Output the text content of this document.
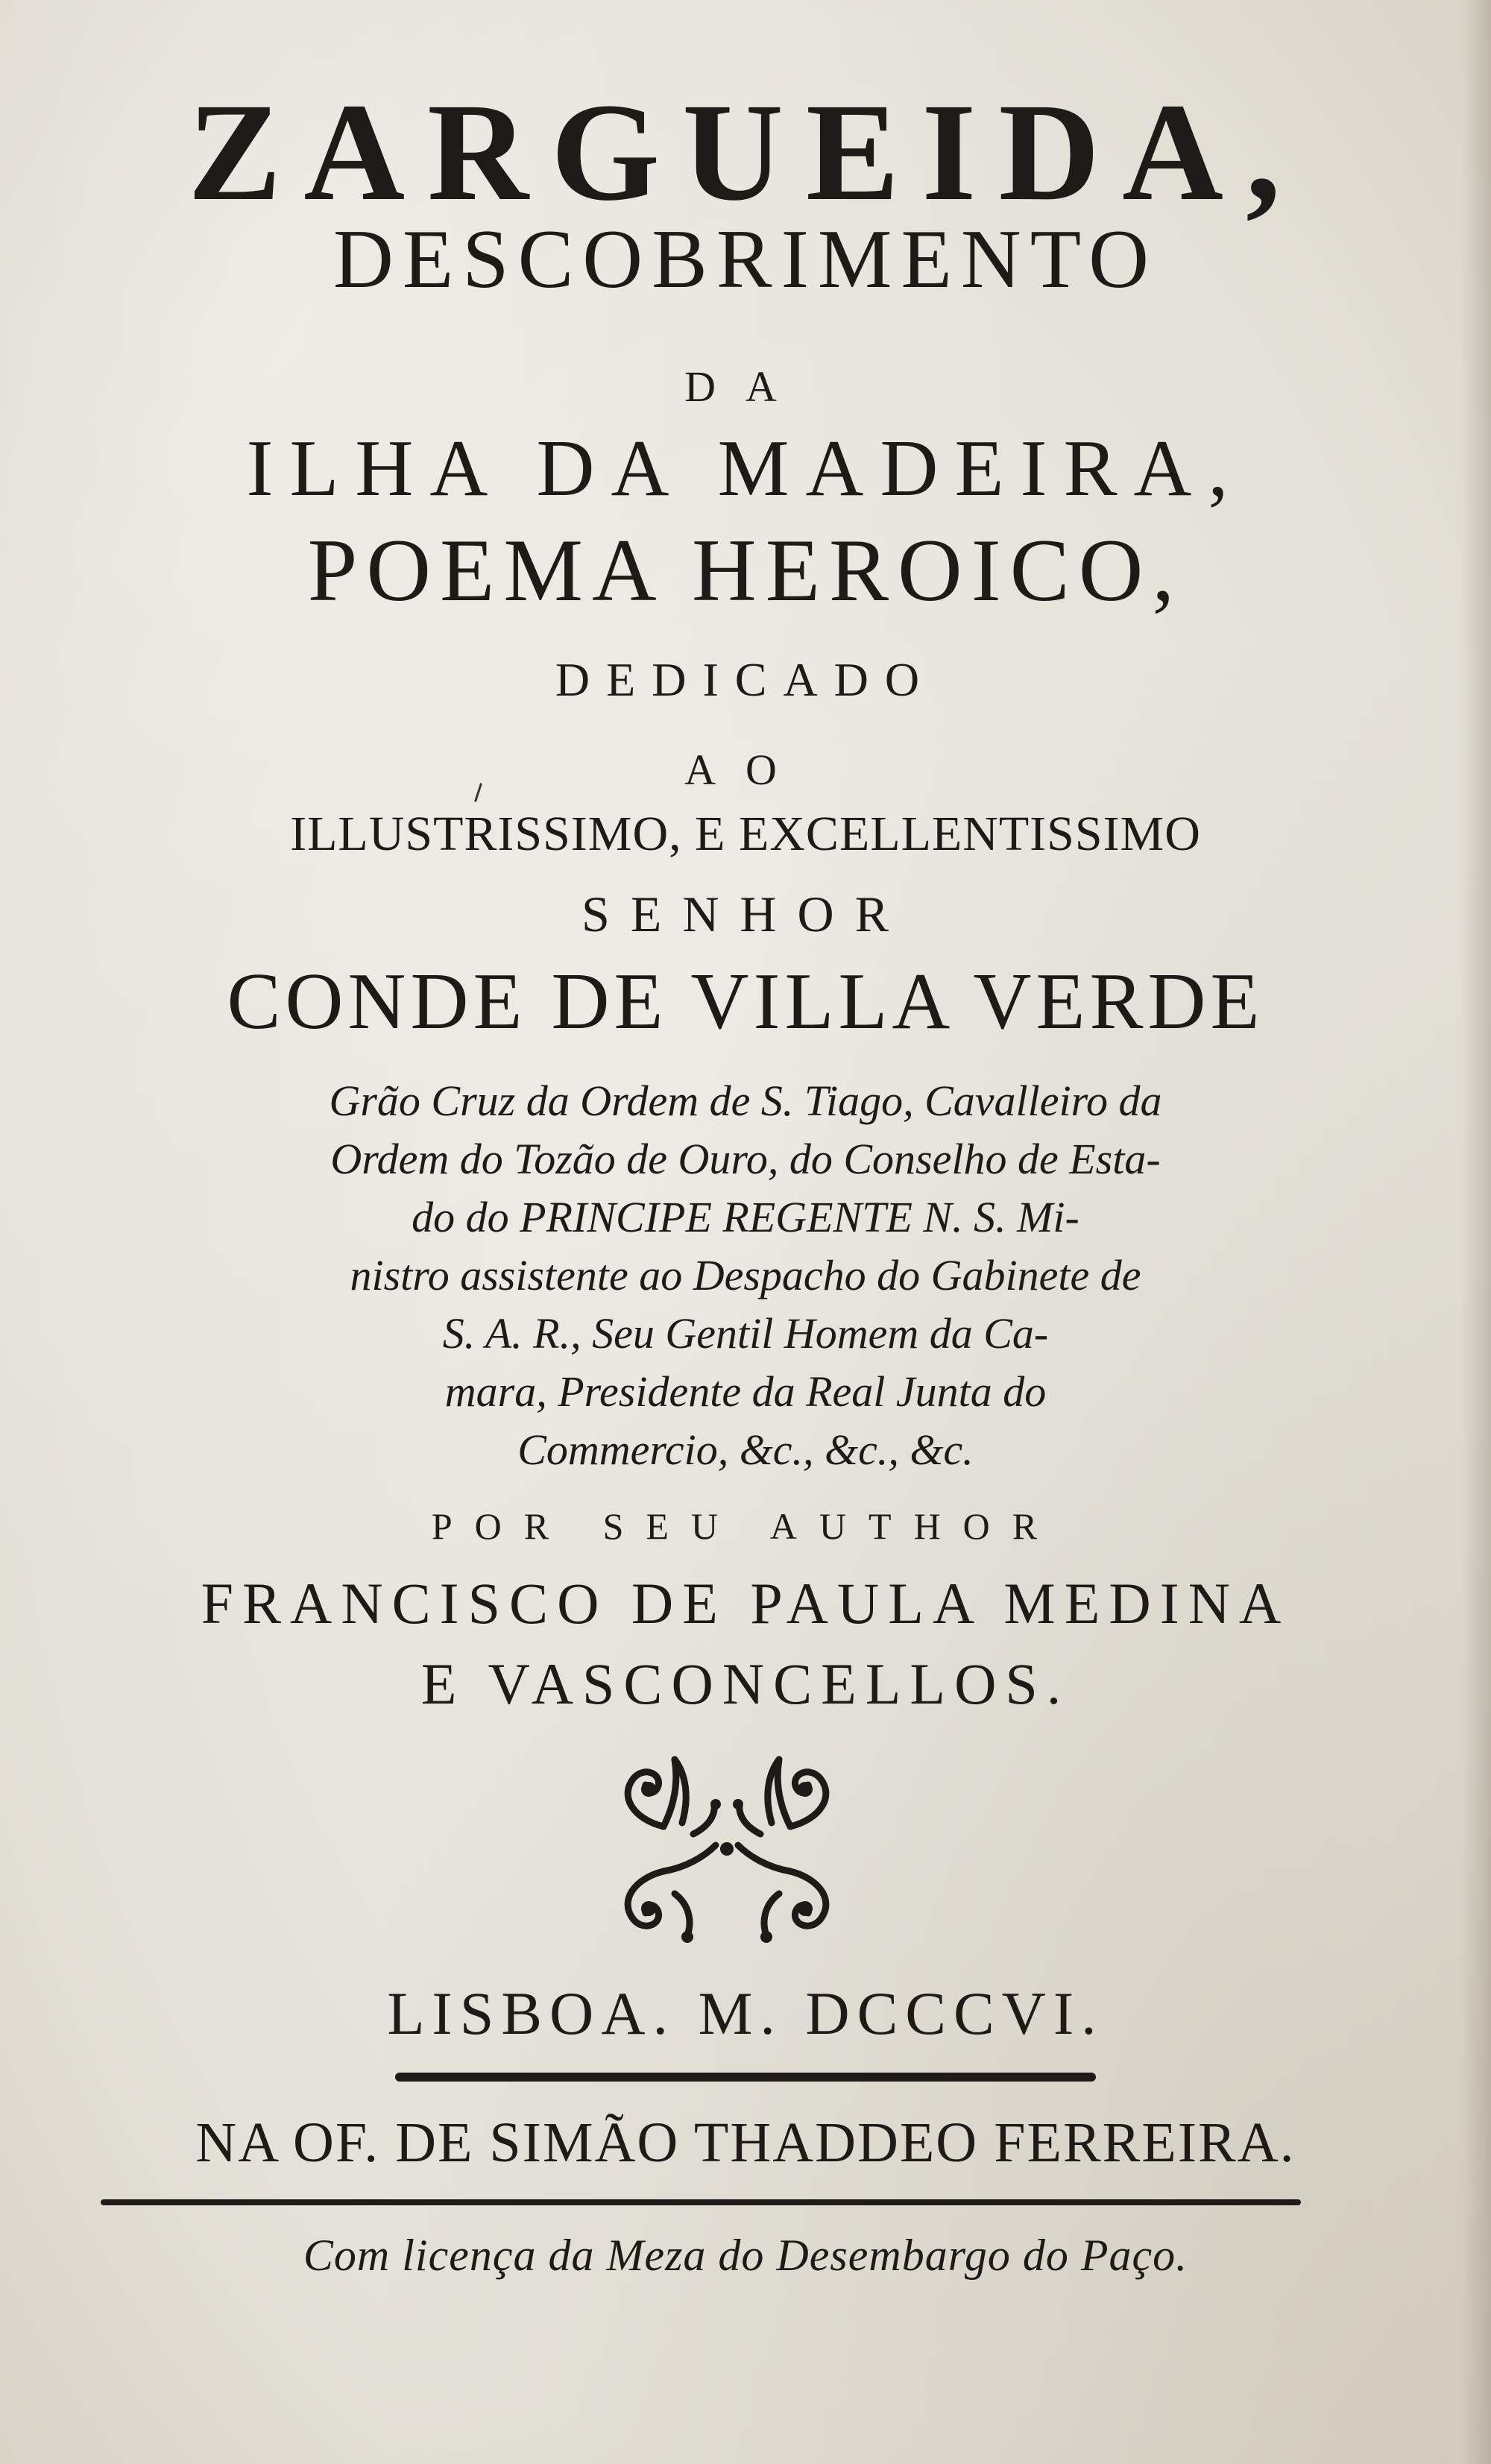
ZARGUEIDA,
DESCOBRIMENTO
DA
ILHA DA MADEIRA,
POEMA HEROICO,
DEDICADO
AO
ILLUSTRISSIMO, E EXCELLENTISSIMO
SENHOR
CONDE DE VILLA VERDE
Grão Cruz da Ordem de S. Tiago, Cavalleiro da
Ordem do Tozão de Ouro, do Conselho de Esta-
do do PRINCIPE REGENTE N. S. Mi-
nistro assistente ao Despacho do Gabinete de
S. A. R., Seu Gentil Homem da Ca-
mara, Presidente da Real Junta do
Commercio, &c., &c., &c.
POR SEU AUTHOR
FRANCISCO DE PAULA MEDINA
E VASCONCELLOS.
LISBOA. M. DCCCVI.
NA OF. DE SIMÃO THADDEO FERREIRA.
Com licença da Meza do Desembargo do Paço.
